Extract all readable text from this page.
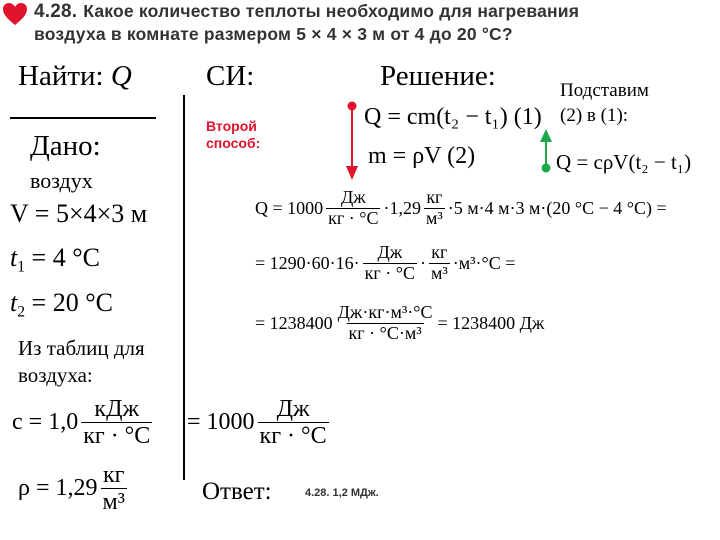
4.28. Какое количество теплоты необходимо для нагревания
воздуха в комнате размером 5 × 4 × 3 м от 4 до 20 °C?
Найти: Q	СИ:	Решение:
Дано:
воздух
V = 5×4×3 м
$t_1 = 4$ °C
$t_2 = 20$ °C
Из таблиц для
воздуха:
$c = 1,0 \frac{\text{кДж}}{кг \cdot ^\circ C} = 1000 \frac{Дж}{кг \cdot ^\circ C}$
$\rho = 1,29 \frac{кг}{\text{м³}}$	Ответ:	4.28. 1,2 МДж.
Второй
способ:
Q = cm(t₂ − t₁) (1)
m = ρV (2)
Подставим
(2) в (1):
Q = cρV(t₂ − t₁)
$Q = 1000 \frac{Дж}{кг \cdot ^\circ C} \cdot 1,29 \frac{кг}{\text{м³}} \cdot 5$ м·4 м·3 м·(20 °C − 4 °C) =
= $1290\cdot 60\cdot 16\cdot \frac{Дж}{кг \cdot ^\circ C} \cdot \frac{кг}{\text{м³}} \cdot м^3\cdot^\circ C$ =
= $1238400 \frac{\text{Дж·кг·м³·°C}}{\text{кг · °C·м³}} = 1238400$ Дж
